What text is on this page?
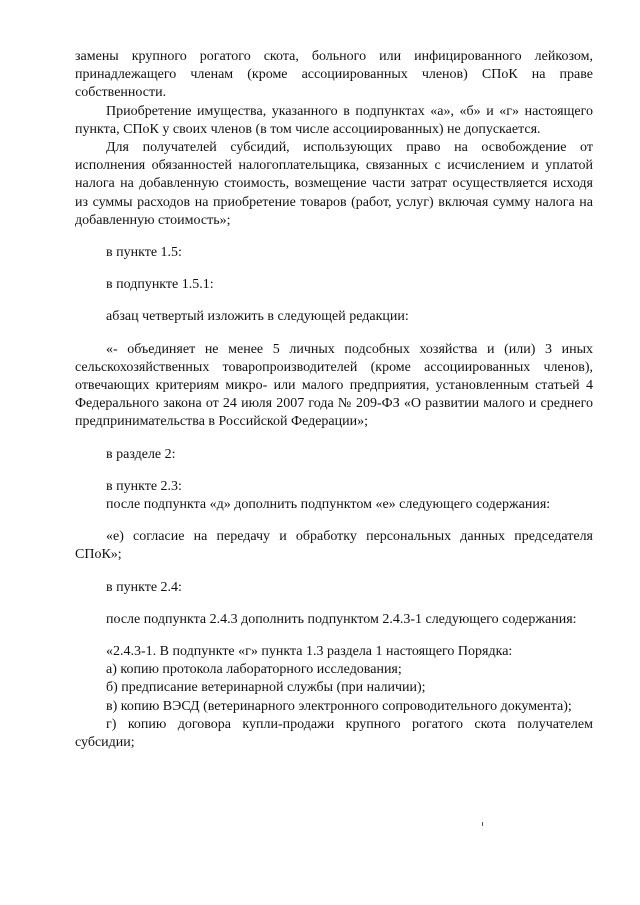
замены крупного рогатого скота, больного или инфицированного лейкозом, принадлежащего членам (кроме ассоциированных членов) СПоК на праве собственности.

Приобретение имущества, указанного в подпунктах «а», «б» и «г» настоящего пункта, СПоК у своих членов (в том числе ассоциированных) не допускается.

Для получателей субсидий, использующих право на освобождение от исполнения обязанностей налогоплательщика, связанных с исчислением и уплатой налога на добавленную стоимость, возмещение части затрат осуществляется исходя из суммы расходов на приобретение товаров (работ, услуг) включая сумму налога на добавленную стоимость»;

в пункте 1.5:

в подпункте 1.5.1:

абзац четвертый изложить в следующей редакции:

«- объединяет не менее 5 личных подсобных хозяйства и (или) 3 иных сельскохозяйственных товаропроизводителей (кроме ассоциированных членов), отвечающих критериям микро- или малого предприятия, установленным статьей 4 Федерального закона от 24 июля 2007 года № 209-ФЗ «О развитии малого и среднего предпринимательства в Российской Федерации»;

в разделе 2:

в пункте 2.3:

после подпункта «д» дополнить подпунктом «е» следующего содержания:

«е) согласие на передачу и обработку персональных данных председателя СПоК»;

в пункте 2.4:

после подпункта 2.4.3 дополнить подпунктом 2.4.3-1 следующего содержания:

«2.4.3-1. В подпункте «г» пункта 1.3 раздела 1 настоящего Порядка:

а) копию протокола лабораторного исследования;

б) предписание ветеринарной службы (при наличии);

в) копию ВЭСД (ветеринарного электронного сопроводительного документа);

г) копию договора купли-продажи крупного рогатого скота получателем субсидии;
